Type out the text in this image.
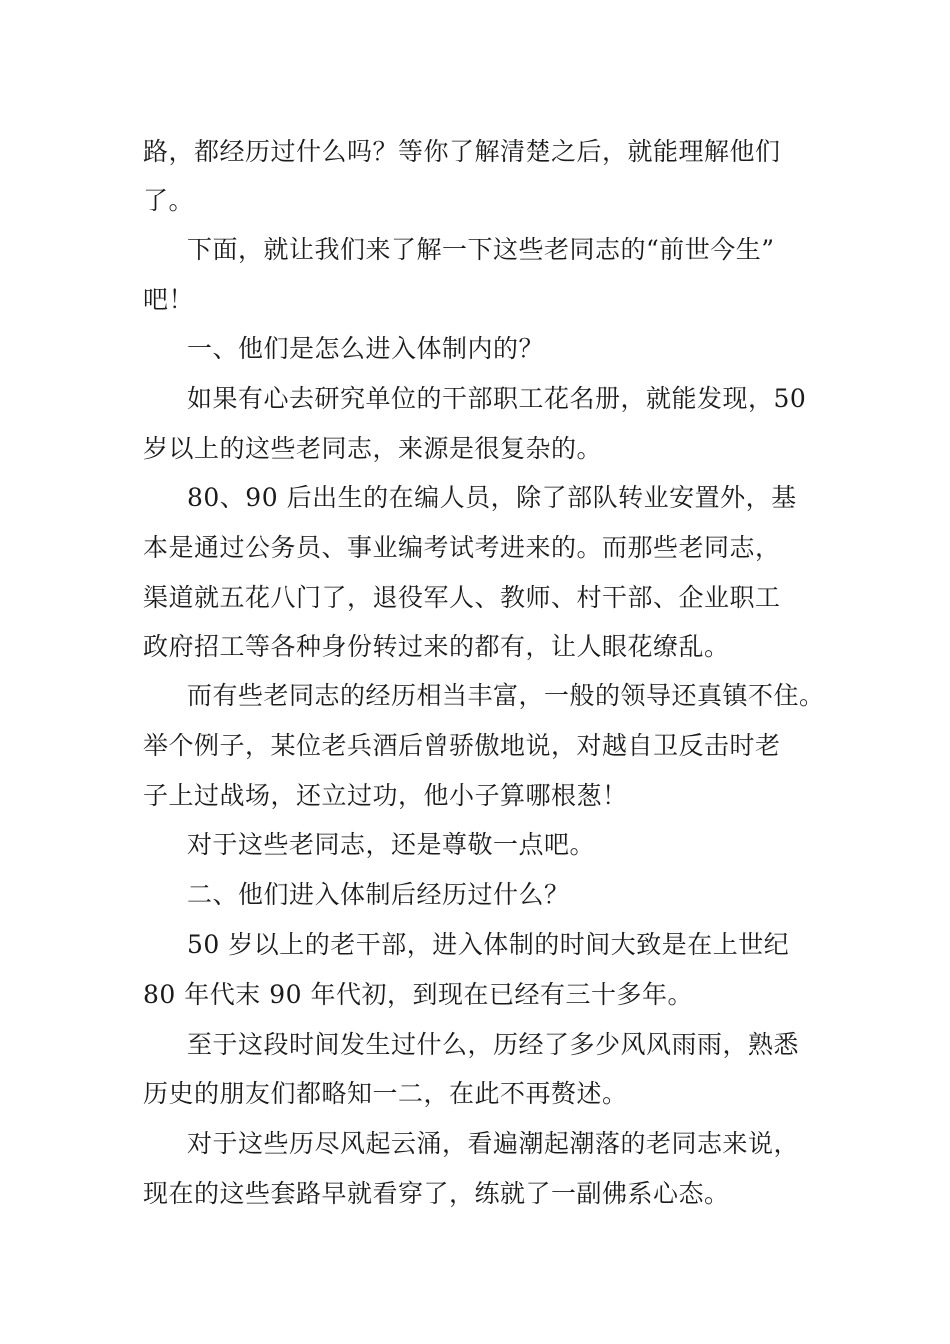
路，都经历过什么吗？等你了解清楚之后，就能理解他们
了。
下面，就让我们来了解一下这些老同志的“前世今生”
吧！
一、他们是怎么进入体制内的？
如果有心去研究单位的干部职工花名册，就能发现，50
岁以上的这些老同志，来源是很复杂的。
80、90 后出生的在编人员，除了部队转业安置外，基
本是通过公务员、事业编考试考进来的。而那些老同志，
渠道就五花八门了，退役军人、教师、村干部、企业职工
政府招工等各种身份转过来的都有，让人眼花缭乱。
而有些老同志的经历相当丰富，一般的领导还真镇不住。
举个例子，某位老兵酒后曾骄傲地说，对越自卫反击时老
子上过战场，还立过功，他小子算哪根葱！
对于这些老同志，还是尊敬一点吧。
二、他们进入体制后经历过什么？
50 岁以上的老干部，进入体制的时间大致是在上世纪
80 年代末 90 年代初，到现在已经有三十多年。
至于这段时间发生过什么，历经了多少风风雨雨，熟悉
历史的朋友们都略知一二，在此不再赘述。
对于这些历尽风起云涌，看遍潮起潮落的老同志来说，
现在的这些套路早就看穿了，练就了一副佛系心态。
